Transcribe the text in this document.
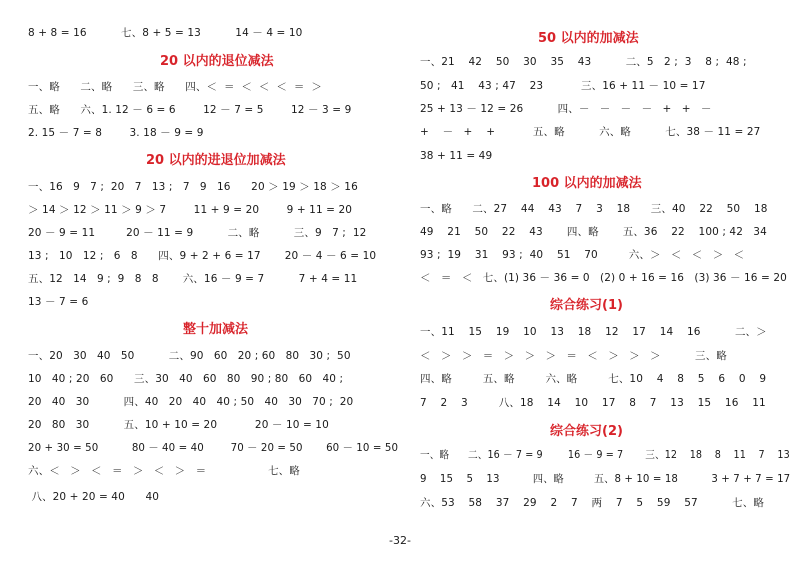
8 + 8 = 16          七、8 + 5 = 13          14 － 4 = 10
20 以内的退位减法
一、略      二、略      三、略      四、＜  ＝  ＜  ＜  ＜  ＝  ＞
五、略      六、1. 12 － 6 = 6        12 － 7 = 5        12 － 3 = 9
2. 15 － 7 = 8        3. 18 － 9 = 9
20 以内的进退位加减法
一、16   9   7 ;  20   7   13 ;   7   9   16      20 ＞ 19 ＞ 18 ＞ 16
＞ 14 ＞ 12 ＞ 11 ＞ 9 ＞ 7        11 + 9 = 20        9 + 11 = 20
20 － 9 = 11         20 － 11 = 9          二、略          三、9   7 ;  12
13 ;   10   12 ;   6   8      四、9 + 2 + 6 = 17       20 － 4 － 6 = 10
五、12   14   9 ;  9   8   8       六、16 － 9 = 7          7 + 4 = 11
13 － 7 = 6
整十加减法
一、20   30   40   50          二、90   60   20 ; 60   80   30 ;  50
10   40 ; 20   60      三、30   40   60   80   90 ; 80   60   40 ;
20   40   30          四、40   20   40   40 ; 50   40   30   70 ;  20
20   80   30          五、10 + 10 = 20           20 － 10 = 10
20 + 30 = 50          80 － 40 = 40        70 － 20 = 50       60 － 10 = 50
六、＜   ＞   ＜   ＝   ＞   ＜   ＞   ＝                  七、略
八、20 + 20 = 40      40
50 以内的加减法
一、21    42    50    30    35    43          二、5   2 ;  3    8 ;  48 ;
50 ;   41    43 ; 47    23           三、16 + 11 － 10 = 17
25 + 13 － 12 = 26          四、－   －   －   －   +   +   －
+    －   +    +           五、略          六、略          七、38 － 11 = 27
38 + 11 = 49
100 以内的加减法
一、略      二、27    44    43    7    3    18      三、40    22    50    18
49    21    50    22    43       四、略       五、36    22    100 ; 42   34
93 ;  19    31    93 ;  40    51    70         六、＞   ＜   ＜   ＞   ＜
＜   ＝   ＜   七、(1) 36 － 36 = 0   (2) 0 + 16 = 16   (3) 36 － 16 = 20
综合练习(1)
一、11    15    19    10    13    18    12    17    14    16          二、＞
＜   ＞   ＞   ＝   ＞   ＞   ＞   ＝   ＜   ＞   ＞   ＞          三、略
四、略         五、略         六、略         七、10    4    8    5    6    0    9
7    2    3         八、18    14    10    17    8    7    13    15    16    11
综合练习(2)
一、略      二、16 － 7 = 9        16 － 9 = 7       三、12    18    8    11    7    13
9    15    5    13          四、略         五、8 + 10 = 18          3 + 7 + 7 = 17
六、53    58    37    29    2    7    两    7    5    59    57          七、略
-32-
